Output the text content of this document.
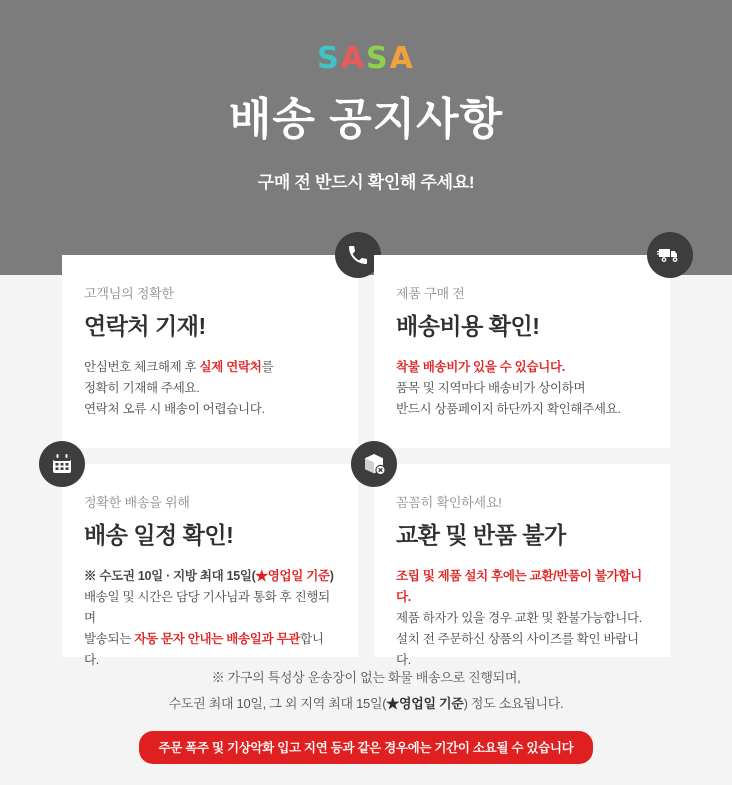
SASA
배송 공지사항
구매 전 반드시 확인해 주세요!
고객님의 정확한
연락처 기재!
안심번호 체크해제 후 실제 연락처를
정확히 기재해 주세요.
연락처 오류 시 배송이 어렵습니다.
제품 구매 전
배송비용 확인!
착불 배송비가 있을 수 있습니다.
품목 및 지역마다 배송비가 상이하며
반드시 상품페이지 하단까지 확인해주세요.
정확한 배송을 위해
배송 일정 확인!
※ 수도권 10일 · 지방 최대 15일(★영업일 기준)
배송일 및 시간은 담당 기사님과 통화 후 진행되며
발송되는 자동 문자 안내는 배송일과 무관합니다.
꼼꼼히 확인하세요!
교환 및 반품 불가
조립 및 제품 설치 후에는 교환/반품이 불가합니다.
제품 하자가 있을 경우 교환 및 환불가능합니다.
설치 전 주문하신 상품의 사이즈를 확인 바랍니다.
※ 가구의 특성상 운송장이 없는 화물 배송으로 진행되며,
수도권 최대 10일, 그 외 지역 최대 15일(★영업일 기준) 정도 소요됩니다.
주문 폭주 및 기상악화 입고 지연 등과 같은 경우에는 기간이 소요될 수 있습니다
